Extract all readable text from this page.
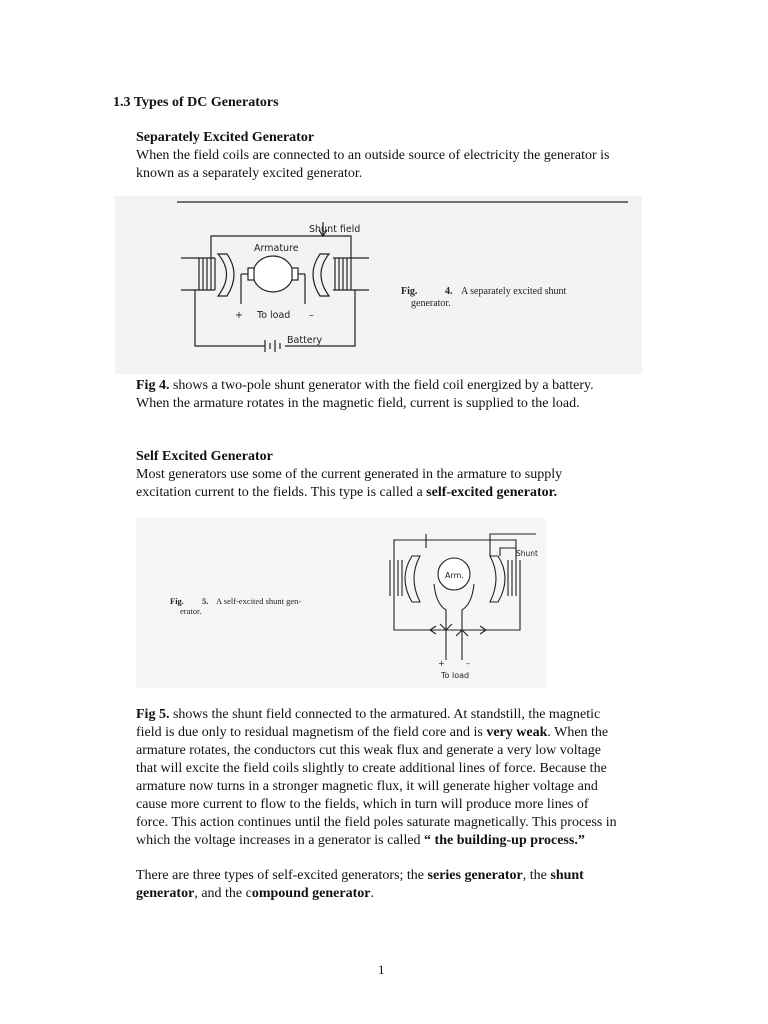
1.3 Types of DC Generators
Separately Excited Generator
When the field coils are connected to an outside source of electricity the generator is
known as a separately excited generator.
Shunt field
Armature
+ To load –
Battery
Fig.	4. A separately excited shunt
generator.
Fig 4. shows a two-pole shunt generator with the field coil energized by a battery.
When the armature rotates in the magnetic field, current is supplied to the load.
Self Excited Generator
Most generators use some of the current generated in the armature to supply
excitation current to the fields. This type is called a self-excited generator.
Shunt
Arm.
+	–
To load
Fig. 5. A self-excited shunt gen-
erator.
Fig 5. shows the shunt field connected to the armatured. At standstill, the magnetic
field is due only to residual magnetism of the field core and is very weak. When the
armature rotates, the conductors cut this weak flux and generate a very low voltage
that will excite the field coils slightly to create additional lines of force. Because the
armature now turns in a stronger magnetic flux, it will generate higher voltage and
cause more current to flow to the fields, which in turn will produce more lines of
force. This action continues until the field poles saturate magnetically. This process in
which the voltage increases in a generator is called “ the building-up process.”
There are three types of self-excited generators; the series generator, the shunt
generator, and the compound generator.
1
